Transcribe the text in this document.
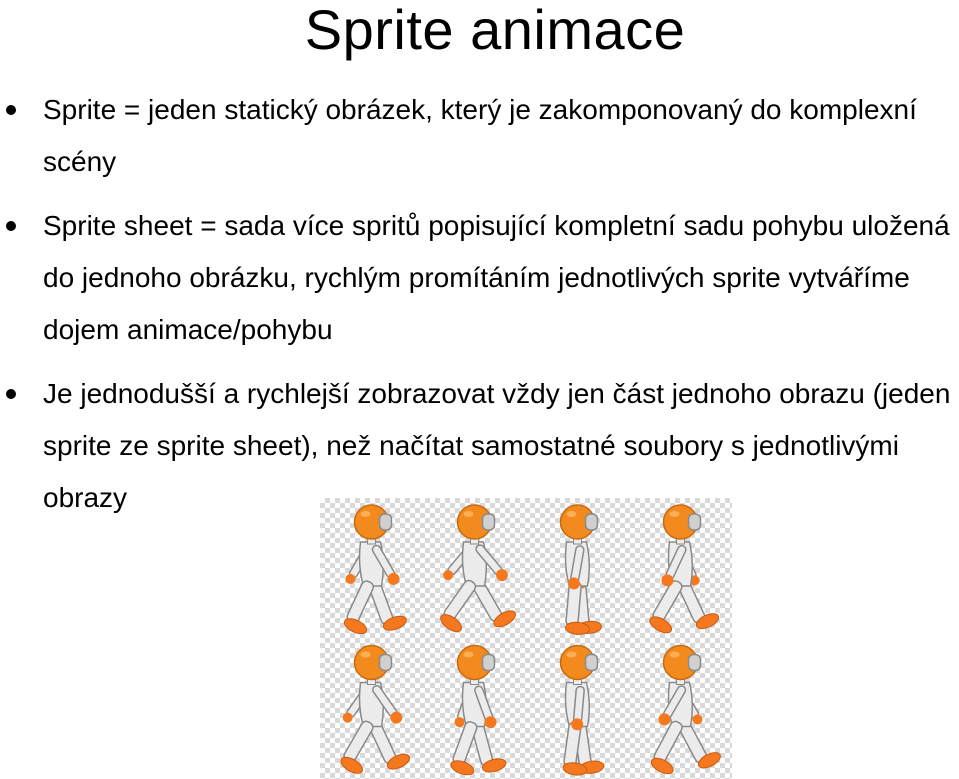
Sprite animace
Sprite = jeden statický obrázek, který je zakomponovaný do komplexní scény
Sprite sheet = sada více spritů popisující kompletní sadu pohybu uložená do jednoho obrázku, rychlým promítáním jednotlivých sprite vytváříme dojem animace/pohybu
Je jednodušší a rychlejší zobrazovat vždy jen část jednoho obrazu (jeden sprite ze sprite sheet), než načítat samostatné soubory s jednotlivými obrazy
